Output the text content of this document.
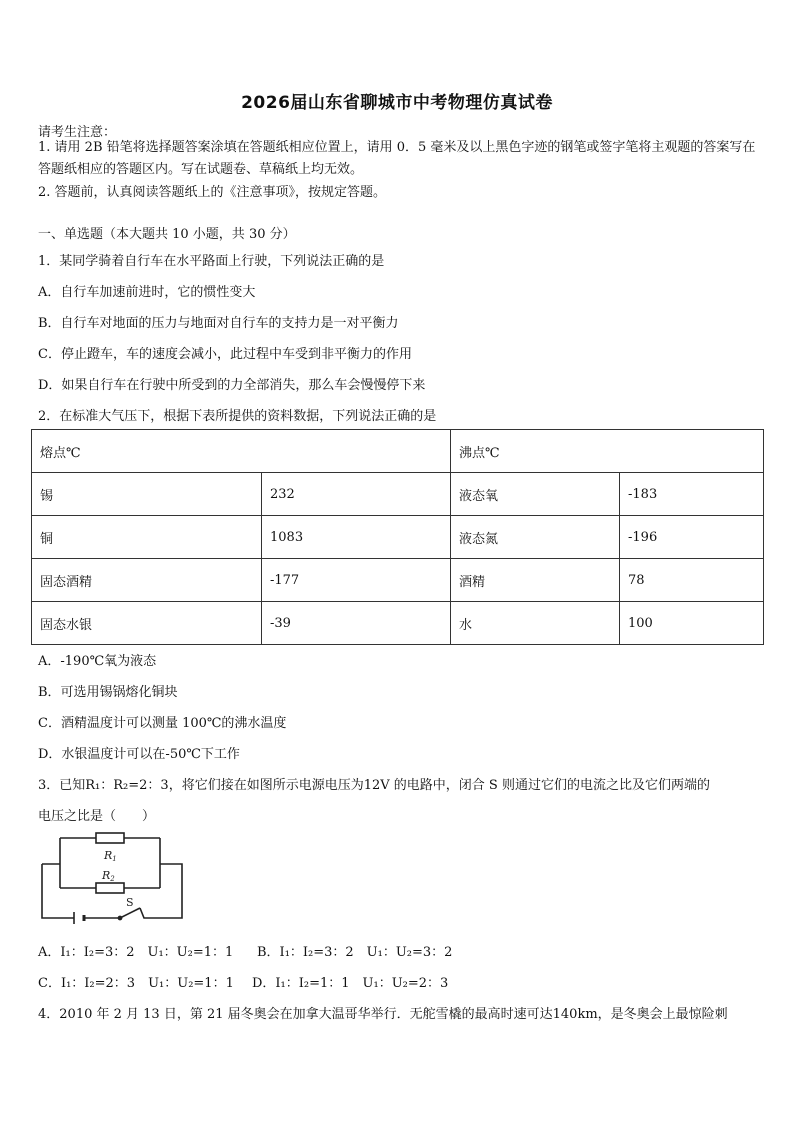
2026届山东省聊城市中考物理仿真试卷
请考生注意：
1. 请用 2B 铅笔将选择题答案涂填在答题纸相应位置上，请用 0．5 毫米及以上黑色字迹的钢笔或签字笔将主观题的答案写在答题纸相应的答题区内。写在试题卷、草稿纸上均无效。
2. 答题前，认真阅读答题纸上的《注意事项》，按规定答题。
一、单选题（本大题共 10 小题，共 30 分）
1．某同学骑着自行车在水平路面上行驶，下列说法正确的是
A．自行车加速前进时，它的惯性变大
B．自行车对地面的压力与地面对自行车的支持力是一对平衡力
C．停止蹬车，车的速度会减小，此过程中车受到非平衡力的作用
D．如果自行车在行驶中所受到的力全部消失，那么车会慢慢停下来
2．在标准大气压下，根据下表所提供的资料数据，下列说法正确的是
熔点℃		沸点℃	
锡	232	液态氧	-183
铜	1083	液态氮	-196
固态酒精	-177	酒精	78
固态水银	-39	水	100
A．-190℃氧为液态
B．可选用锡锅熔化铜块
C．酒精温度计可以测量 100℃的沸水温度
D．水银温度计可以在-50℃下工作
3．已知R₁：R₂=2：3，将它们接在如图所示电源电压为12V 的电路中，闭合 S 则通过它们的电流之比及它们两端的
电压之比是（　　）
R1
R2
S
A．I₁：I₂=3：2　U₁：U₂=1：1 B．I₁：I₂=3：2　U₁：U₂=3：2
C．I₁：I₂=2：3　U₁：U₂=1：1 D．I₁：I₂=1：1　U₁：U₂=2：3
4．2010 年 2 月 13 日，第 21 届冬奥会在加拿大温哥华举行．无舵雪橇的最高时速可达140km，是冬奥会上最惊险刺
